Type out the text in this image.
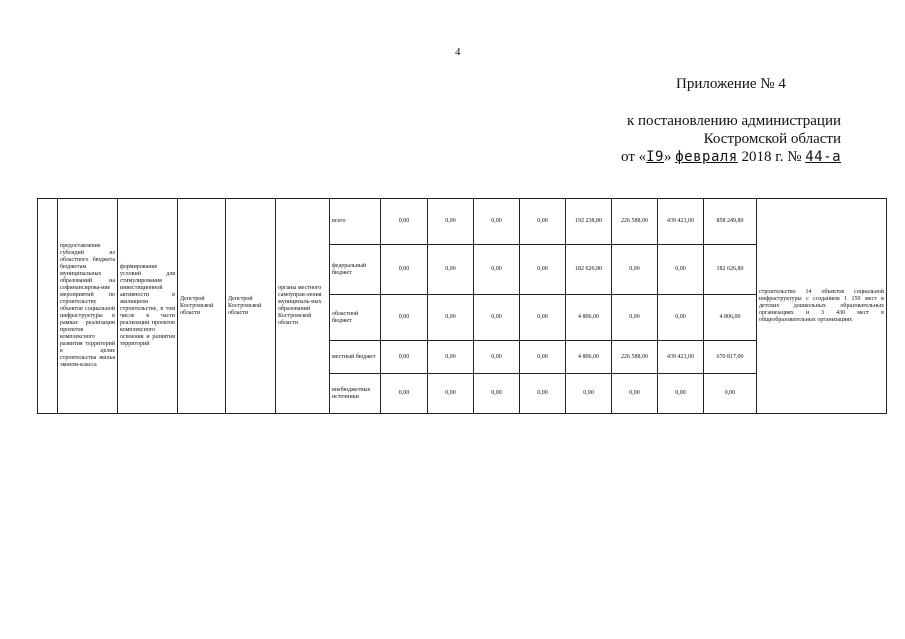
4
Приложение № 4
к постановлению администрации
Костромской области
от «I9» февраля 2018 г. № 44-а
	предоставление субсидий из областного бюджета бюджетам муниципальных образований на софинансирова-ние мероприятий по строительству объектов социальной инфраструктуры в рамках реализации проектов комплексного развития территорий в целях строительства жилья эконом-класса	формирование условий для стимулирования инвестиционной активности в жилищном строительстве, в том числе в части реализации проектов комплексного освоения и развития территорий	Депстрой Костромской области	Депстрой Костромской области	органы местного самоуправ-ления муниципаль-ных образований Костромской области	всего	0,00	0,00	0,00	0,00	192 238,80	226 588,00	439 423,00	858 249,80	строительство 14 объектов социальной инфраструктуры с созданием 1 150 мест в детских дошкольных образовательных организациях и 3 430 мест в общеобразовательных организациях
						федеральный бюджет	0,00	0,00	0,00	0,00	182 626,80	0,00	0,00	182 626,80	
						областной бюджет	0,00	0,00	0,00	0,00	4 806,00	0,00	0,00	4 806,00	
						местный бюджет	0,00	0,00	0,00	0,00	4 806,00	226 588,00	439 423,00	670 817,00	
						внебюджетные источники	0,00	0,00	0,00	0,00	0,00	0,00	0,00	0,00	
